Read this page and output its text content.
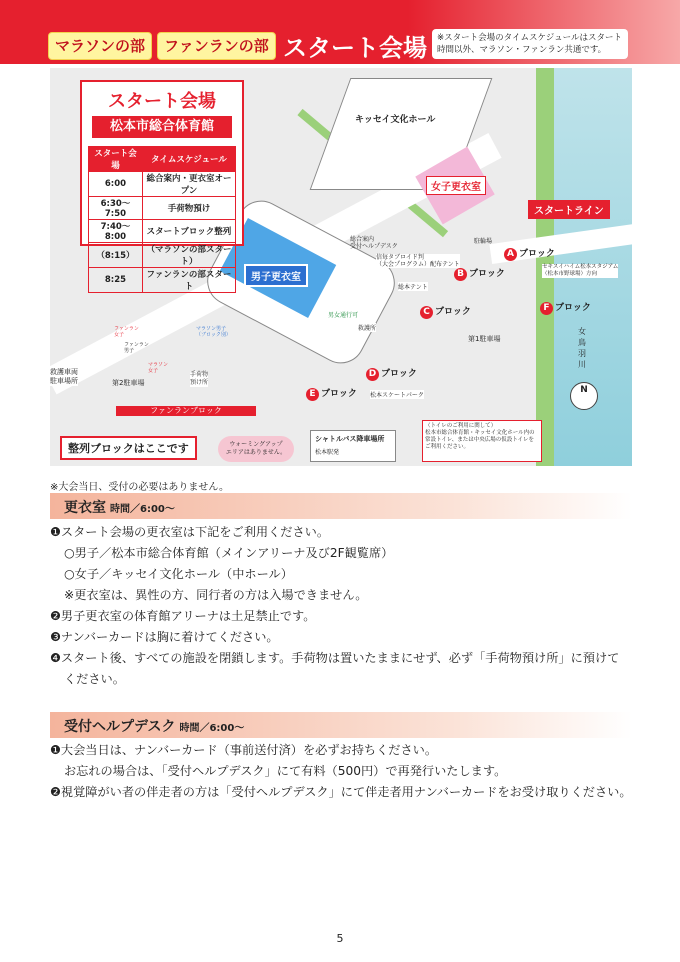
マラソンの部	ファンランの部 スタート会場	※スタート会場のタイムスケジュールはスタート時間以外、マラソン・ファンラン共通です。
キッセイ文化ホール
女子更衣室
男子更衣室
スタートライン
スタート会場
松本市総合体育館
スタート会場	タイムスケジュール
6:00	総合案内・更衣室オープン
6:30〜7:50	手荷物預け
7:40〜8:00	スタートブロック整列
（8:15）	（マラソンの部スタート）
8:25	ファンランの部スタート
総合案内
受付ヘルプデスク
信毎タブロイド判
（大会プログラム）配布テント
総本テント
駐輪場
救護所
男女通行可
第1駐車場
第2駐車場
救護車両
駐車場所
松本スケートパーク
手荷物
預け所
マラソン男子
（ブロック別）
ファンラン
女子
ファンラン
男子
マラソン
女子
ファンランブロック
整列ブロックはここです	ウォーミングアップ
エリアはありません。
シャトルバス降車場所
松本駅発
（トイレのご利用に関して）
松本市総合体育館・キッセイ文化ホール内の常設トイレ、または中央広場の仮設トイレをご利用ください。
セキスイハイム松本スタジアム
（松本市野球場）方向
女鳥羽川
N
A ブロック
B ブロック
C ブロック
D ブロック
E ブロック
F ブロック
※大会当日、受付の必要はありません。
更衣室 時間／6:00〜
❶スタート会場の更衣室は下記をご利用ください。
○男子／松本市総合体育館（メインアリーナ及び2F観覧席）
○女子／キッセイ文化ホール（中ホール）
※更衣室は、異性の方、同行者の方は入場できません。
❷男子更衣室の体育館アリーナは土足禁止です。
❸ナンバーカードは胸に着けてください。
❹スタート後、すべての施設を閉鎖します。手荷物は置いたままにせず、必ず「手荷物預け所」に預けて
ください。
受付ヘルプデスク 時間／6:00〜
❶大会当日は、ナンバーカード（事前送付済）を必ずお持ちください。
お忘れの場合は、「受付ヘルプデスク」にて有料（500円）で再発行いたします。
❷視覚障がい者の伴走者の方は「受付ヘルプデスク」にて伴走者用ナンバーカードをお受け取りください。
5
